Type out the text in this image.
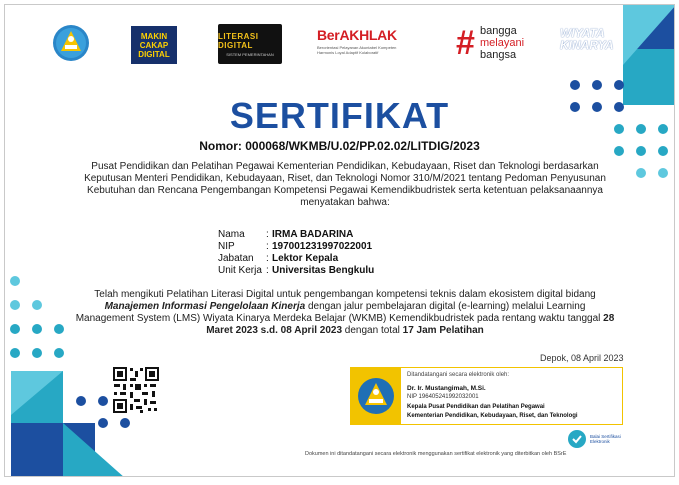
MAKIN CAKAP DIGITAL
LITERASI DIGITAL
SISTEM PEMERINTAHAN
BerAKHLAK
Berorientasi Pelayanan Akuntabel Kompeten Harmonis Loyal Adaptif Kolaboratif	# bangga
melayani
bangsa
WIYATA
KINARYA
MERDEKA BELAJAR
SERTIFIKAT
Nomor: 000068/WKMB/U.02/PP.02.02/LITDIG/2023
Pusat Pendidikan dan Pelatihan Pegawai Kementerian Pendidikan, Kebudayaan, Riset dan Teknologi berdasarkan Keputusan Menteri Pendidikan, Kebudayaan, Riset, dan Teknologi Nomor 310/M/2021 tentang Pedoman Penyusunan Kebutuhan dan Rencana Pengembangan Kompetensi Pegawai Kemendikbudristek serta ketentuan pelaksanaannya menyatakan bahwa:
Nama	: IRMA BADARINA
NIP	: 197001231997022001
Jabatan	: Lektor Kepala
Unit Kerja : Universitas Bengkulu
Telah mengikuti Pelatihan Literasi Digital untuk pengembangan kompetensi teknis dalam ekosistem digital bidang Manajemen Informasi Pengelolaan Kinerja dengan jalur pembelajaran digital (e-learning) melalui Learning Management System (LMS) Wiyata Kinarya Merdeka Belajar (WKMB) Kemendikbudristek pada rentang waktu tanggal 28 Maret 2023 s.d. 08 April 2023 dengan total 17 Jam Pelatihan
Depok, 08 April 2023
Ditandatangani secara elektronik oleh:
Dr. Ir. Mustangimah, M.Si.
NIP 196405241992032001
Kepala Pusat Pendidikan dan Pelatihan Pegawai
Kementerian Pendidikan, Kebudayaan, Riset, dan Teknologi
Balai Sertifikasi Elektronik
Dokumen ini ditandatangani secara elektronik menggunakan sertifikat elektronik yang diterbitkan oleh BSrE
